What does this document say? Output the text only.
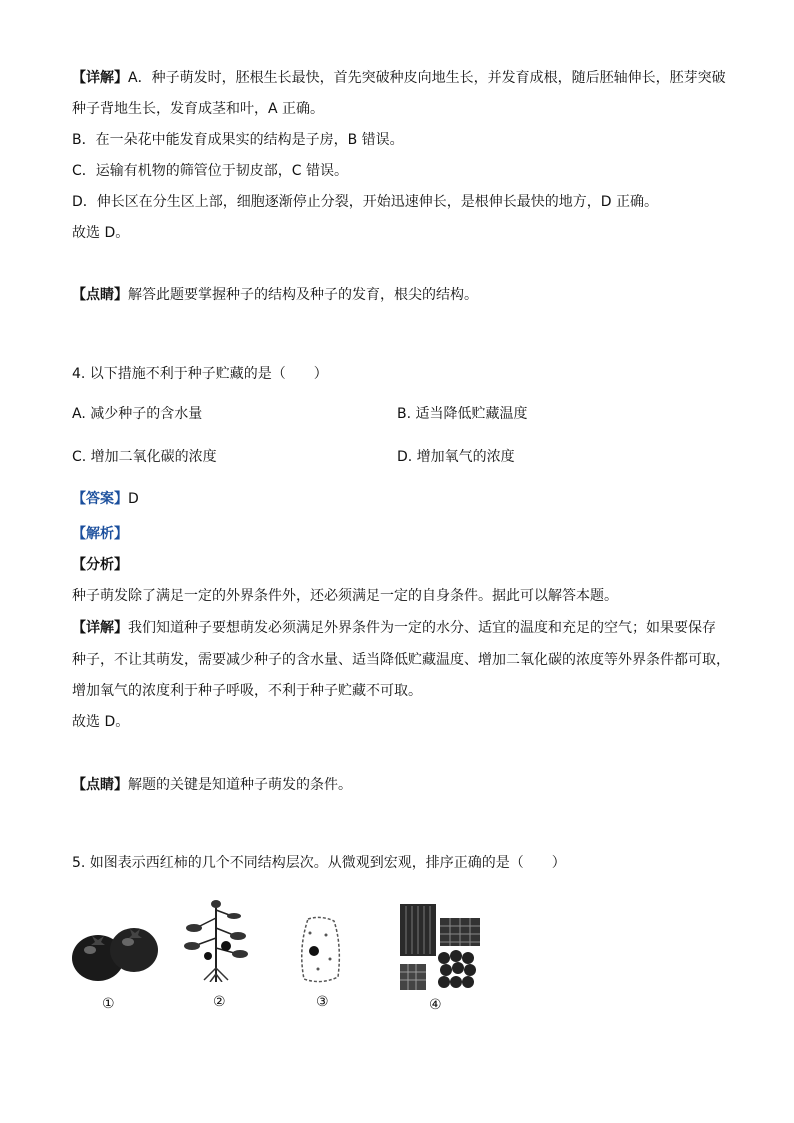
【详解】A．种子萌发时，胚根生长最快，首先突破种皮向地生长，并发育成根，随后胚轴伸长，胚芽突破
种子背地生长，发育成茎和叶，A 正确。
B．在一朵花中能发育成果实的结构是子房，B 错误。
C．运输有机物的筛管位于韧皮部，C 错误。
D．伸长区在分生区上部，细胞逐渐停止分裂，开始迅速伸长，是根伸长最快的地方，D 正确。
故选 D。
【点睛】解答此题要掌握种子的结构及种子的发育，根尖的结构。
4. 以下措施不利于种子贮藏的是（　　）
A. 减少种子的含水量	B. 适当降低贮藏温度
C. 增加二氧化碳的浓度	D. 增加氧气的浓度
【答案】D
【解析】
【分析】
种子萌发除了满足一定的外界条件外，还必须满足一定的自身条件。据此可以解答本题。
【详解】我们知道种子要想萌发必须满足外界条件为一定的水分、适宜的温度和充足的空气；如果要保存
种子，不让其萌发，需要减少种子的含水量、适当降低贮藏温度、增加二氧化碳的浓度等外界条件都可取，
增加氧气的浓度利于种子呼吸，不利于种子贮藏不可取。
故选 D。
【点睛】解题的关键是知道种子萌发的条件。
5. 如图表示西红柿的几个不同结构层次。从微观到宏观，排序正确的是（　　）
①	②	③	④
